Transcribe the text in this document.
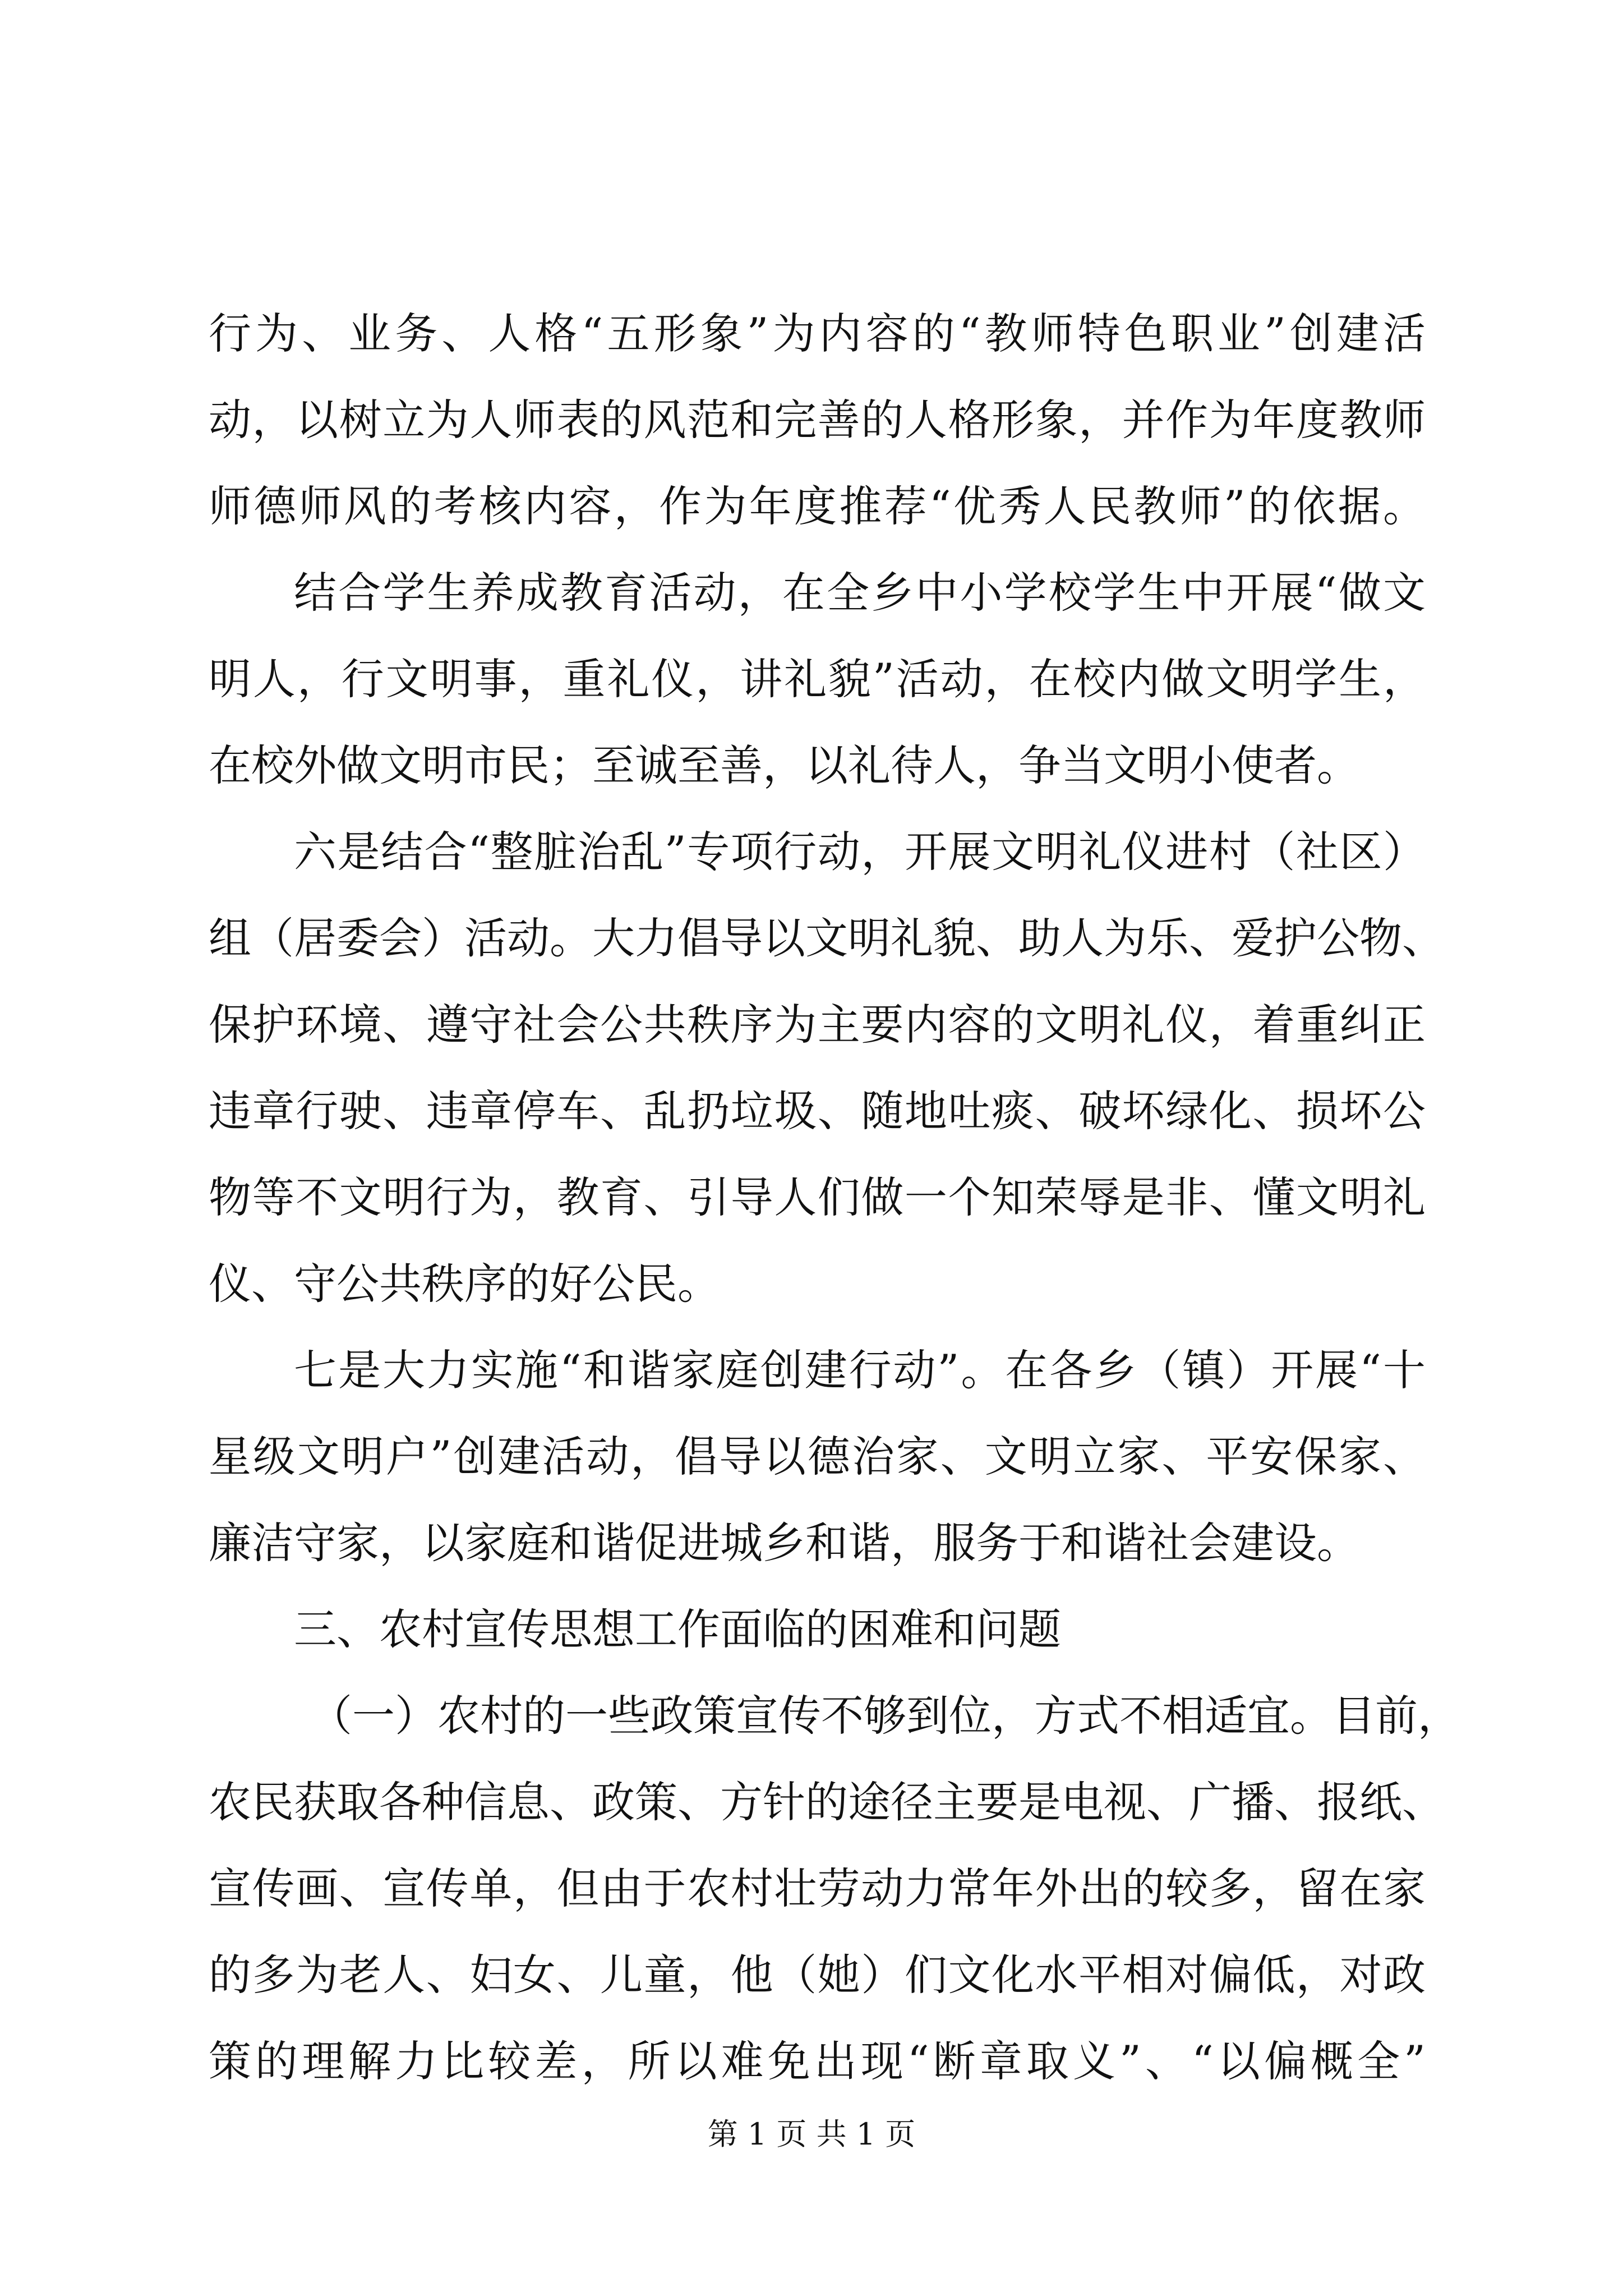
行为、业务、人格“五形象”为内容的“教师特色职业”创建活
动，以树立为人师表的风范和完善的人格形象，并作为年度教师
师德师风的考核内容，作为年度推荐“优秀人民教师”的依据。
结合学生养成教育活动，在全乡中小学校学生中开展“做文
明人，行文明事，重礼仪，讲礼貌”活动，在校内做文明学生，
在校外做文明市民；至诚至善，以礼待人，争当文明小使者。
六是结合“整脏治乱”专项行动，开展文明礼仪进村（社区）
组（居委会）活动。大力倡导以文明礼貌、助人为乐、爱护公物、
保护环境、遵守社会公共秩序为主要内容的文明礼仪，着重纠正
违章行驶、违章停车、乱扔垃圾、随地吐痰、破坏绿化、损坏公
物等不文明行为，教育、引导人们做一个知荣辱是非、懂文明礼
仪、守公共秩序的好公民。
七是大力实施“和谐家庭创建行动”。在各乡（镇）开展“十
星级文明户”创建活动，倡导以德治家、文明立家、平安保家、
廉洁守家，以家庭和谐促进城乡和谐，服务于和谐社会建设。
三、农村宣传思想工作面临的困难和问题
（一）农村的一些政策宣传不够到位，方式不相适宜。目前，
农民获取各种信息、政策、方针的途径主要是电视、广播、报纸、
宣传画、宣传单，但由于农村壮劳动力常年外出的较多，留在家
的多为老人、妇女、儿童，他（她）们文化水平相对偏低，对政
策的理解力比较差，所以难免出现“断章取义”、“以偏概全”
第 1 页 共 1 页
